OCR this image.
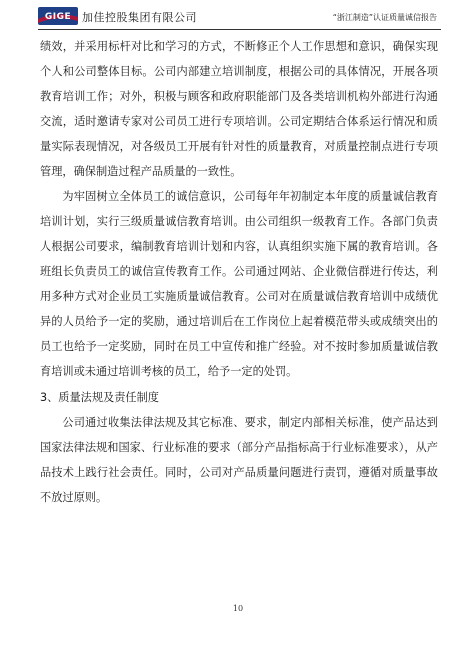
GIGE 加佳控股集团有限公司	“浙江制造”认证质量诚信报告

绩效，并采用标杆对比和学习的方式，不断修正个人工作思想和意识，确保实现个人和公司整体目标。公司内部建立培训制度，根据公司的具体情况，开展各项教育培训工作；对外，积极与顾客和政府职能部门及各类培训机构外部进行沟通交流，适时邀请专家对公司员工进行专项培训。公司定期结合体系运行情况和质量实际表现情况，对各级员工开展有针对性的质量教育，对质量控制点进行专项管理，确保制造过程产品质量的一致性。

为牢固树立全体员工的诚信意识，公司每年年初制定本年度的质量诚信教育培训计划，实行三级质量诚信教育培训。由公司组织一级教育工作。各部门负责人根据公司要求，编制教育培训计划和内容，认真组织实施下属的教育培训。各班组长负责员工的诚信宣传教育工作。公司通过网站、企业微信群进行传达，利用多种方式对企业员工实施质量诚信教育。公司对在质量诚信教育培训中成绩优异的人员给予一定的奖励，通过培训后在工作岗位上起着模范带头或成绩突出的员工也给予一定奖励，同时在员工中宣传和推广经验。对不按时参加质量诚信教育培训或未通过培训考核的员工，给予一定的处罚。

3、质量法规及责任制度

公司通过收集法律法规及其它标准、要求，制定内部相关标准，使产品达到国家法律法规和国家、行业标准的要求（部分产品指标高于行业标准要求），从产品技术上践行社会责任。同时，公司对产品质量问题进行责罚，遵循对质量事故不放过原则。

10
